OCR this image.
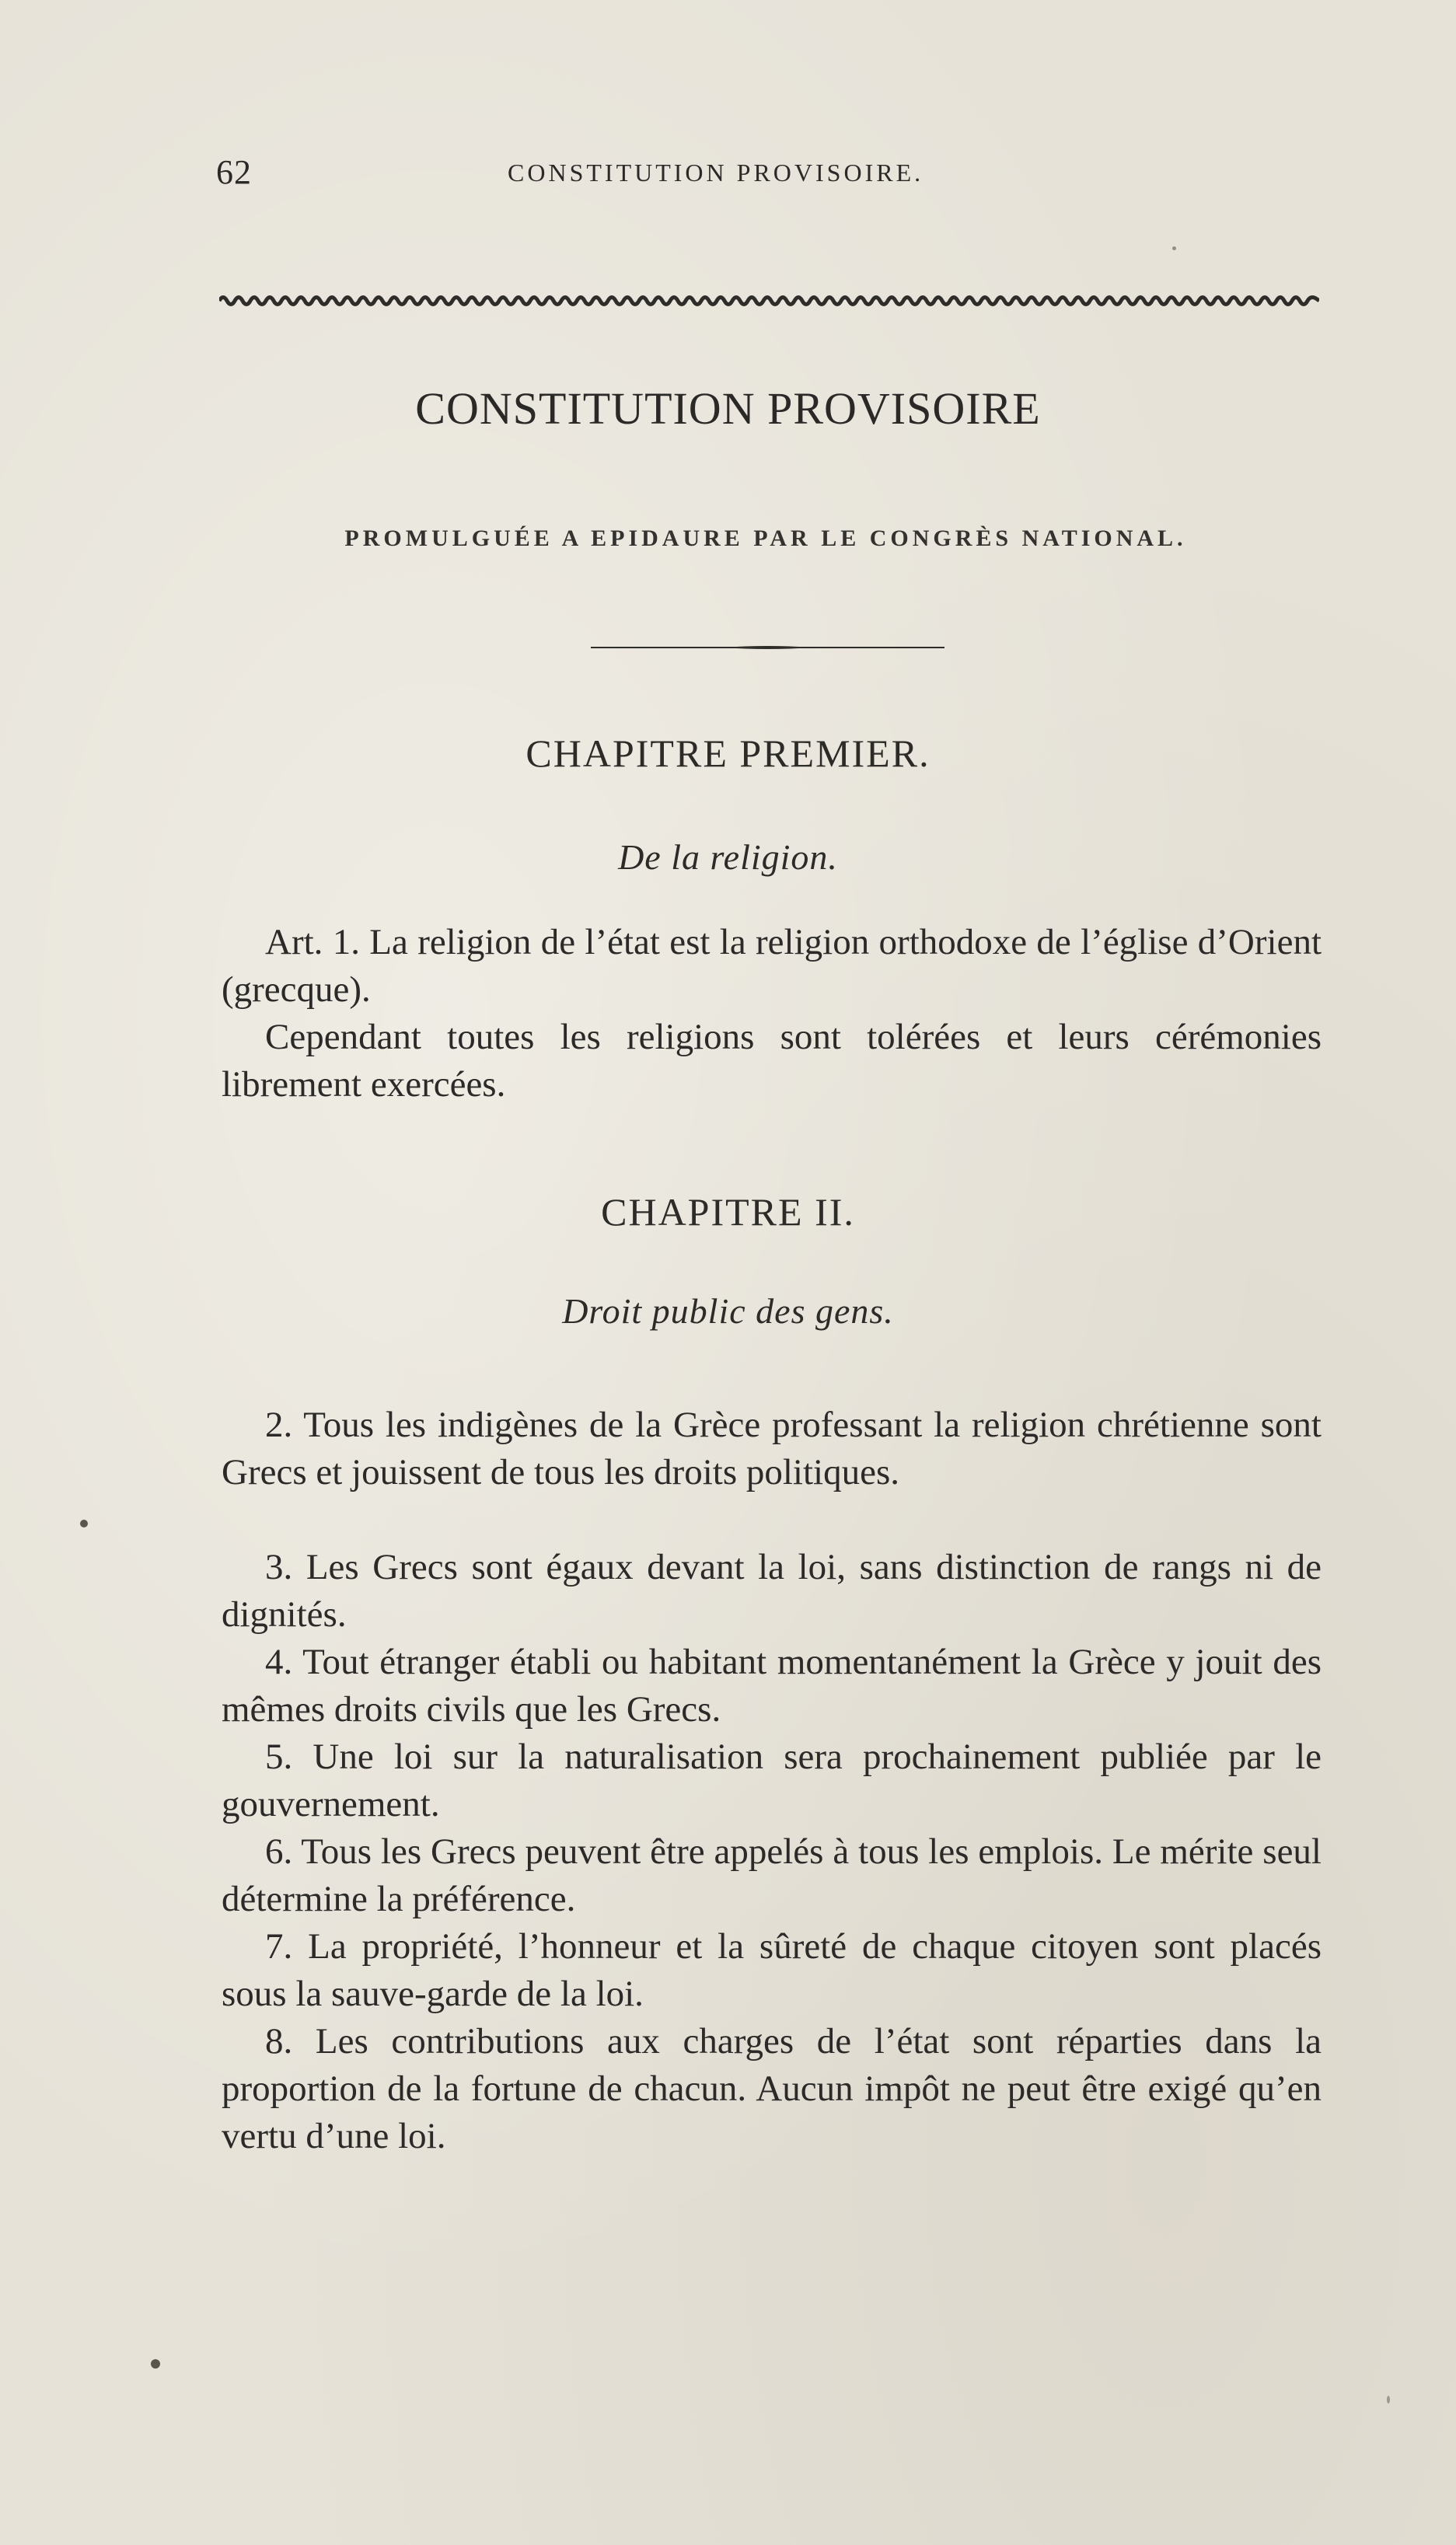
62	CONSTITUTION PROVISOIRE.
CONSTITUTION PROVISOIRE
PROMULGUÉE A EPIDAURE PAR LE CONGRÈS NATIONAL.
CHAPITRE PREMIER.
De la religion.

Art. 1. La religion de l’état est la religion orthodoxe de l’église d’Orient (grecque).

Cependant toutes les religions sont tolérées et leurs cérémonies librement exercées.

CHAPITRE II.
Droit public des gens.

2. Tous les indigènes de la Grèce professant la religion chrétienne sont Grecs et jouissent de tous les droits politiques.

3. Les Grecs sont égaux devant la loi, sans distinction de rangs ni de dignités.

4. Tout étranger établi ou habitant momentanément la Grèce y jouit des mêmes droits civils que les Grecs.

5. Une loi sur la naturalisation sera prochainement publiée par le gouvernement.

6. Tous les Grecs peuvent être appelés à tous les emplois. Le mérite seul détermine la préférence.

7. La propriété, l’honneur et la sûreté de chaque citoyen sont placés sous la sauve-garde de la loi.

8. Les contributions aux charges de l’état sont réparties dans la proportion de la fortune de chacun. Aucun impôt ne peut être exigé qu’en vertu d’une loi.
